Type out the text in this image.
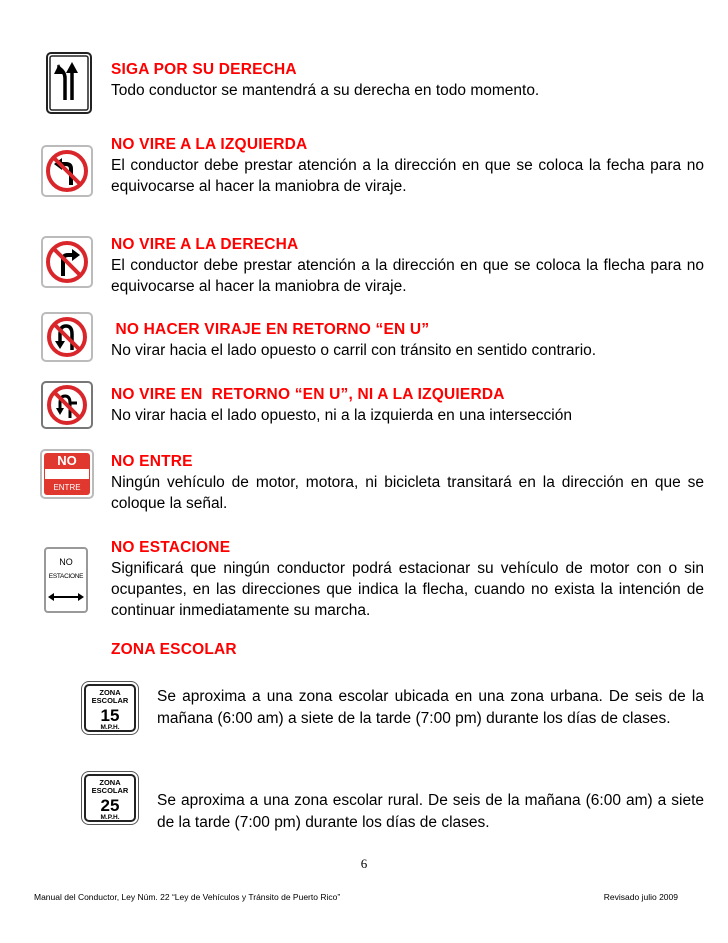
NO
ENTRE
NO
ESTACIONE
SIGA POR SU DERECHA
Todo conductor se mantendrá a su derecha en todo momento.
NO VIRE A LA IZQUIERDA
El conductor debe prestar atención a la dirección en que se coloca la fecha para no equivocarse al hacer la maniobra de viraje.
NO VIRE A LA DERECHA
El conductor debe prestar atención a la dirección en que se coloca la flecha para no equivocarse al hacer la maniobra de viraje.
NO HACER VIRAJE EN RETORNO “EN U”
No virar hacia el lado opuesto o carril con tránsito en sentido contrario.
NO VIRE EN  RETORNO “EN U”, NI A LA IZQUIERDA
No virar hacia el lado opuesto, ni a la izquierda en una intersección
NO ENTRE
Ningún vehículo de motor, motora, ni bicicleta transitará en la dirección en que se coloque la señal.
NO ESTACIONE
Significará que ningún conductor podrá estacionar su vehículo de motor con o sin ocupantes, en las direcciones que indica la flecha, cuando no exista la intención de continuar inmediatamente su marcha.
ZONA ESCOLAR
ZONA
ESCOLAR
15
M.P.H.
Se aproxima a una zona escolar ubicada en una zona urbana. De seis de la mañana (6:00 am) a siete de la tarde (7:00 pm) durante los días de clases.
ZONA
ESCOLAR
25
M.P.H.
Se aproxima a una zona escolar rural. De seis de la mañana (6:00 am) a siete de la tarde (7:00 pm) durante los días de clases.
6
Manual del Conductor, Ley Núm. 22 “Ley de Vehículos y Tránsito de Puerto Rico”	Revisado julio 2009
